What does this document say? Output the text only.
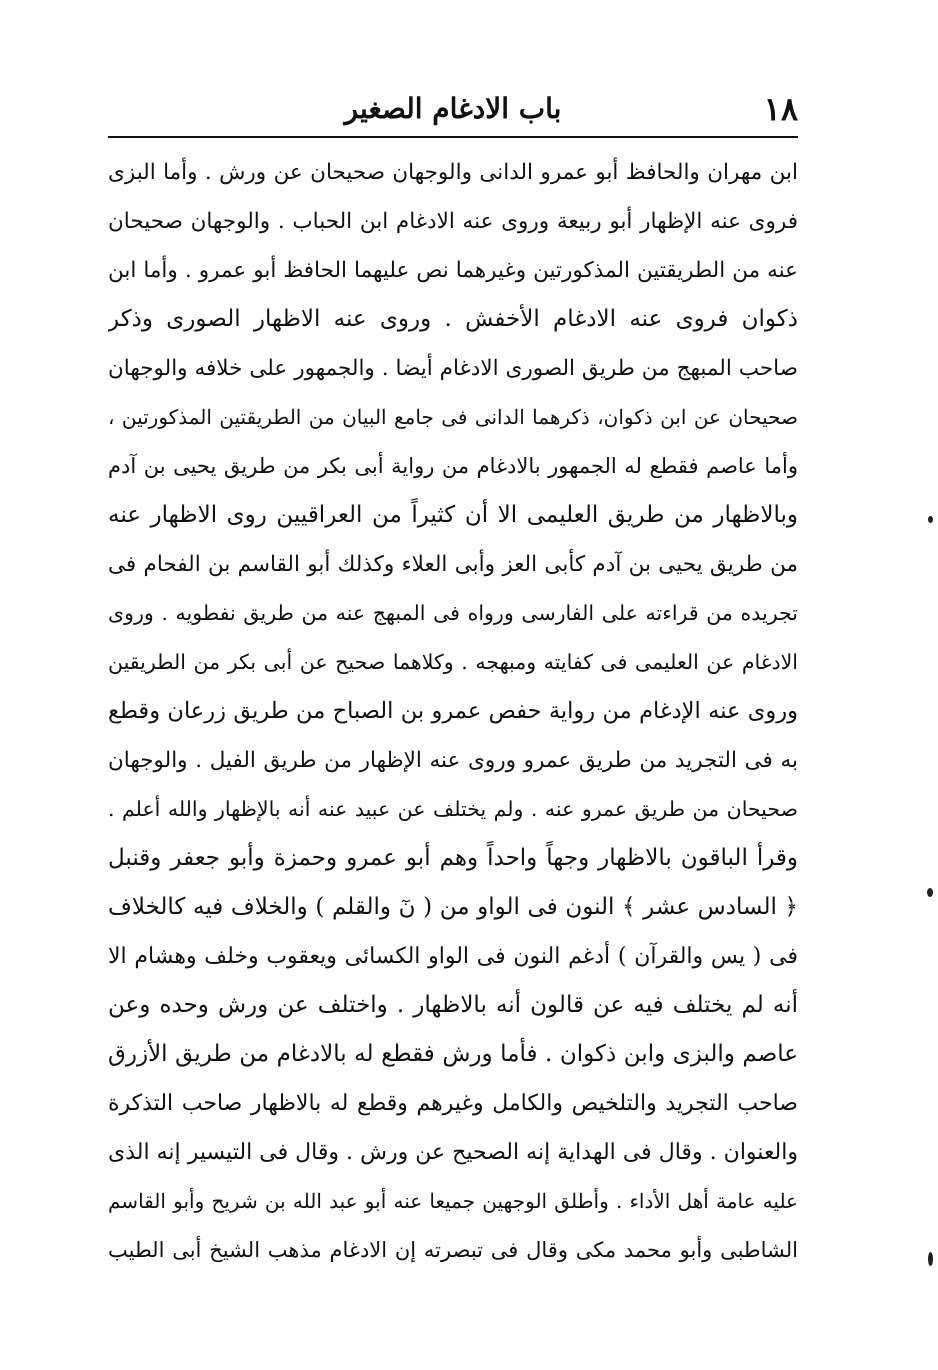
١٨
باب الادغام الصغير
ابن مهران والحافظ أبو عمرو الدانى والوجهان صحيحان عن ورش . وأما البزى
فروى عنه الإظهار أبو ربيعة وروى عنه الادغام ابن الحباب . والوجهان صحيحان
عنه من الطريقتين المذكورتين وغيرهما نص عليهما الحافظ أبو عمرو . وأما ابن
ذكوان فروى عنه الادغام الأخفش . وروى عنه الاظهار الصورى وذكر
صاحب المبهج من طريق الصورى الادغام أيضا . والجمهور على خلافه والوجهان
صحيحان عن ابن ذكوان، ذكرهما الدانى فى جامع البيان من الطريقتين المذكورتين ،
وأما عاصم فقطع له الجمهور بالادغام من رواية أبى بكر من طريق يحيى بن آدم
وبالاظهار من طريق العليمى الا أن كثيراً من العراقيين روى الاظهار عنه
من طريق يحيى بن آدم كأبى العز وأبى العلاء وكذلك أبو القاسم بن الفحام فى
تجريده من قراءته على الفارسى ورواه فى المبهج عنه من طريق نفطويه . وروى
الادغام عن العليمى فى كفايته ومبهجه . وكلاهما صحيح عن أبى بكر من الطريقين
وروى عنه الإدغام من رواية حفص عمرو بن الصباح من طريق زرعان وقطع
به فى التجريد من طريق عمرو وروى عنه الإظهار من طريق الفيل . والوجهان
صحيحان من طريق عمرو عنه . ولم يختلف عن عبيد عنه أنه بالإظهار والله أعلم .
وقرأ الباقون بالاظهار وجهاً واحداً وهم أبو عمرو وحمزة وأبو جعفر وقنبل
﴿ السادس عشر ﴾ النون فى الواو من ( نٓ والقلم ) والخلاف فيه كالخلاف
فى ( يس والقرآن ) أدغم النون فى الواو الكسائى ويعقوب وخلف وهشام الا
أنه لم يختلف فيه عن قالون أنه بالاظهار . واختلف عن ورش وحده وعن
عاصم والبزى وابن ذكوان . فأما ورش فقطع له بالادغام من طريق الأزرق
صاحب التجريد والتلخيص والكامل وغيرهم وقطع له بالاظهار صاحب التذكرة
والعنوان . وقال فى الهداية إنه الصحيح عن ورش . وقال فى التيسير إنه الذى
عليه عامة أهل الأداء . وأطلق الوجهين جميعا عنه أبو عبد الله بن شريح وأبو القاسم
الشاطبى وأبو محمد مكى وقال فى تبصرته إن الادغام مذهب الشيخ أبى الطيب
